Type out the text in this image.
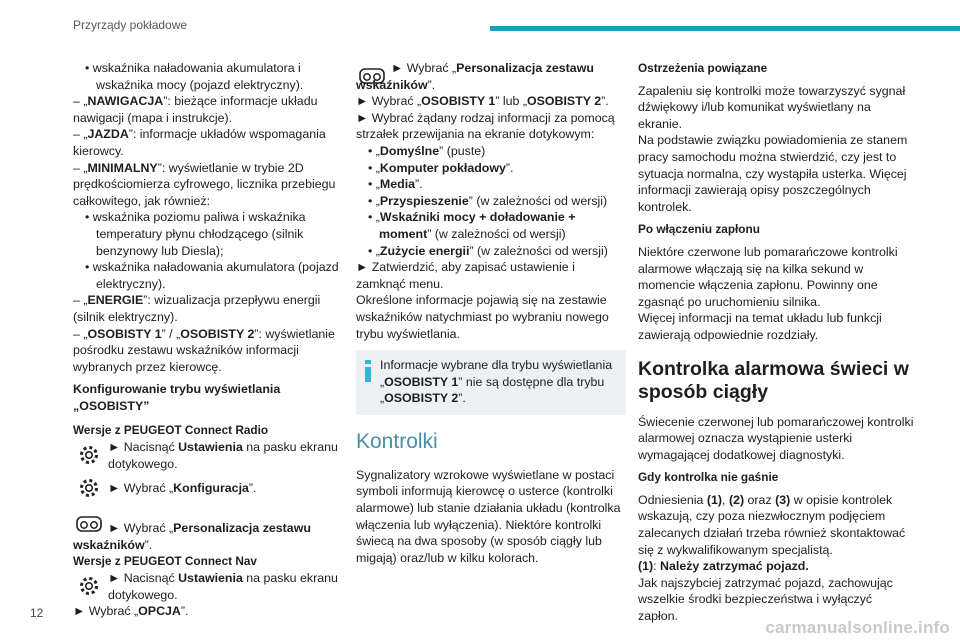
Przyrządy pokładowe

• wskaźnika naładowania akumulatora i wskaźnika mocy (pojazd elektryczny).

– „NAWIGACJA”: bieżące informacje układu nawigacji (mapa i instrukcje).

– „JAZDA”: informacje układów wspomagania kierowcy.

– „MINIMALNY”: wyświetlanie w trybie 2D prędkościomierza cyfrowego, licznika przebiegu całkowitego, jak również:

• wskaźnika poziomu paliwa i wskaźnika temperatury płynu chłodzącego (silnik benzynowy lub Diesla);

• wskaźnika naładowania akumulatora (pojazd elektryczny).

– „ENERGIE”: wizualizacja przepływu energii (silnik elektryczny).

– „OSOBISTY 1” / „OSOBISTY 2”: wyświetlanie pośrodku zestawu wskaźników informacji wybranych przez kierowcę.

Konfigurowanie trybu wyświetlania „OSOBISTY”

Wersje z PEUGEOT Connect Radio

► Nacisnąć Ustawienia na pasku ekranu dotykowego.

► Wybrać „Konfiguracja”.

► Wybrać „Personalizacja zestawu wskaźników”.

Wersje z PEUGEOT Connect Nav

► Nacisnąć Ustawienia na pasku ekranu dotykowego.

► Wybrać „OPCJA”.

► Wybrać „Personalizacja zestawu wskaźników”.

► Wybrać „OSOBISTY 1” lub „OSOBISTY 2”.

► Wybrać żądany rodzaj informacji za pomocą strzałek przewijania na ekranie dotykowym:

• „Domyślne” (puste)

• „Komputer pokładowy”.

• „Media”.

• „Przyspieszenie” (w zależności od wersji)

• „Wskaźniki mocy + doładowanie + moment” (w zależności od wersji)

• „Zużycie energii” (w zależności od wersji)

► Zatwierdzić, aby zapisać ustawienie i zamknąć menu.

Określone informacje pojawią się na zestawie wskaźników natychmiast po wybraniu nowego trybu wyświetlania.

Informacje wybrane dla trybu wyświetlania „OSOBISTY 1” nie są dostępne dla trybu „OSOBISTY 2”.

Kontrolki

Sygnalizatory wzrokowe wyświetlane w postaci symboli informują kierowcę o usterce (kontrolki alarmowe) lub stanie działania układu (kontrolka włączenia lub wyłączenia). Niektóre kontrolki świecą na dwa sposoby (w sposób ciągły lub migają) oraz/lub w kilku kolorach.

Ostrzeżenia powiązane

Zapaleniu się kontrolki może towarzyszyć sygnał dźwiękowy i/lub komunikat wyświetlany na ekranie.

Na podstawie związku powiadomienia ze stanem pracy samochodu można stwierdzić, czy jest to sytuacja normalna, czy wystąpiła usterka. Więcej informacji zawierają opisy poszczególnych kontrolek.

Po włączeniu zapłonu

Niektóre czerwone lub pomarańczowe kontrolki alarmowe włączają się na kilka sekund w momencie włączenia zapłonu. Powinny one zgasnąć po uruchomieniu silnika.

Więcej informacji na temat układu lub funkcji zawierają odpowiednie rozdziały.

Kontrolka alarmowa świeci w sposób ciągły

Świecenie czerwonej lub pomarańczowej kontrolki alarmowej oznacza wystąpienie usterki wymagającej dodatkowej diagnostyki.

Gdy kontrolka nie gaśnie

Odniesienia (1), (2) oraz (3) w opisie kontrolek wskazują, czy poza niezwłocznym podjęciem zalecanych działań trzeba również skontaktować się z wykwalifikowanym specjalistą.

(1): Należy zatrzymać pojazd.

Jak najszybciej zatrzymać pojazd, zachowując wszelkie środki bezpieczeństwa i wyłączyć zapłon.

12
carmanualsonline.info
